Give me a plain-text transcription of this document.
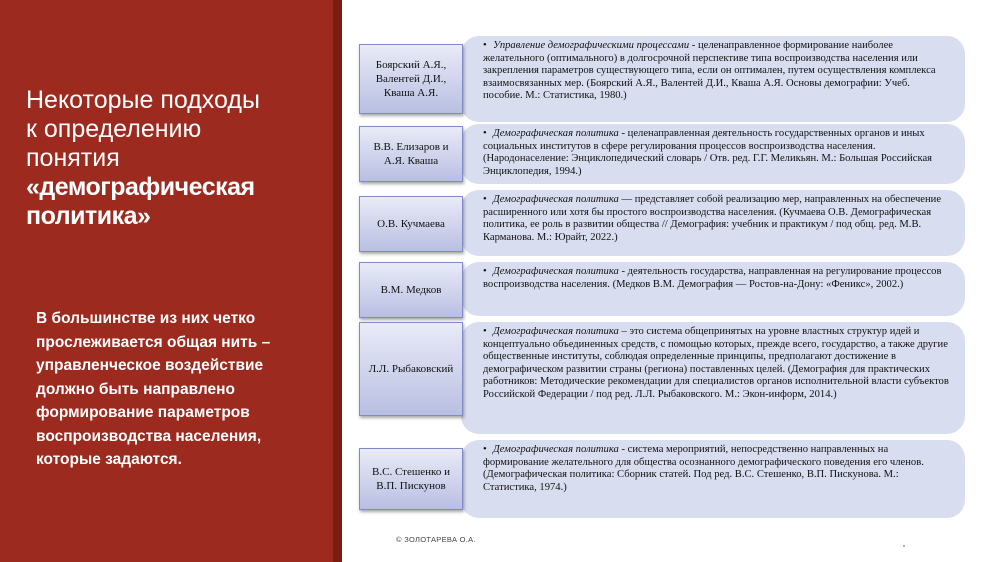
Некоторые подходы
к определению
понятия
«демографическая
политика»
В большинстве из них четко прослеживается общая нить – управленческое воздействие должно быть направлено формирование параметров воспроизводства населения, которые задаются.
• Управление демографическими процессами - целенаправленное формирование наиболее желательного (оптимального) в долгосрочной перспективе типа воспроизводства населения или закрепления параметров существующего типа, если он оптимален, путем осуществления комплекса взаимосвязанных мер. (Боярский А.Я., Валентей Д.И., Кваша А.Я. Основы демографии: Учеб. пособие. М.: Статистика, 1980.)
Боярский А.Я., Валентей Д.И., Кваша А.Я.
• Демографическая политика - целенаправленная деятельность государственных органов и иных социальных институтов в сфере регулирования процессов воспроизводства населения. (Народонаселение: Энциклопедический словарь / Отв. ред. Г.Г. Меликьян. М.: Большая Российская Энциклопедия, 1994.)
В.В. Елизаров и А.Я. Кваша
• Демографическая политика — представляет собой реализацию мер, направленных на обеспечение расширенного или хотя бы простого воспроизводства населения. (Кучмаева О.В. Демографическая политика, ее роль в развитии общества // Демография: учебник и практикум / под общ. ред. М.В. Карманова. М.: Юрайт, 2022.)
О.В. Кучмаева
• Демографическая политика - деятельность государства, направленная на регулирование процессов воспроизводства населения. (Медков В.М. Демография — Ростов-на-Дону: «Феникс», 2002.)
В.М. Медков
• Демографическая политика – это система общепринятых на уровне властных структур идей и концептуально объединенных средств, с помощью которых, прежде всего, государство, а также другие общественные институты, соблюдая определенные принципы, предполагают достижение в демографическом развитии страны (региона) поставленных целей. (Демография для практических работников: Методические рекомендации для специалистов органов исполнительной власти субъектов Российской Федерации / под ред. Л.Л. Рыбаковского. М.: Экон-информ, 2014.)
Л.Л. Рыбаковский
• Демографическая политика - система мероприятий, непосредственно направленных на формирование желательного для общества осознанного демографического поведения его членов. (Демографическая политика: Сборник статей. Под ред. В.С. Стешенко, В.П. Пискунова. М.: Статистика, 1974.)
В.С. Стешенко и В.П. Пискунов
© ЗОЛОТАРЕВА О.А.
